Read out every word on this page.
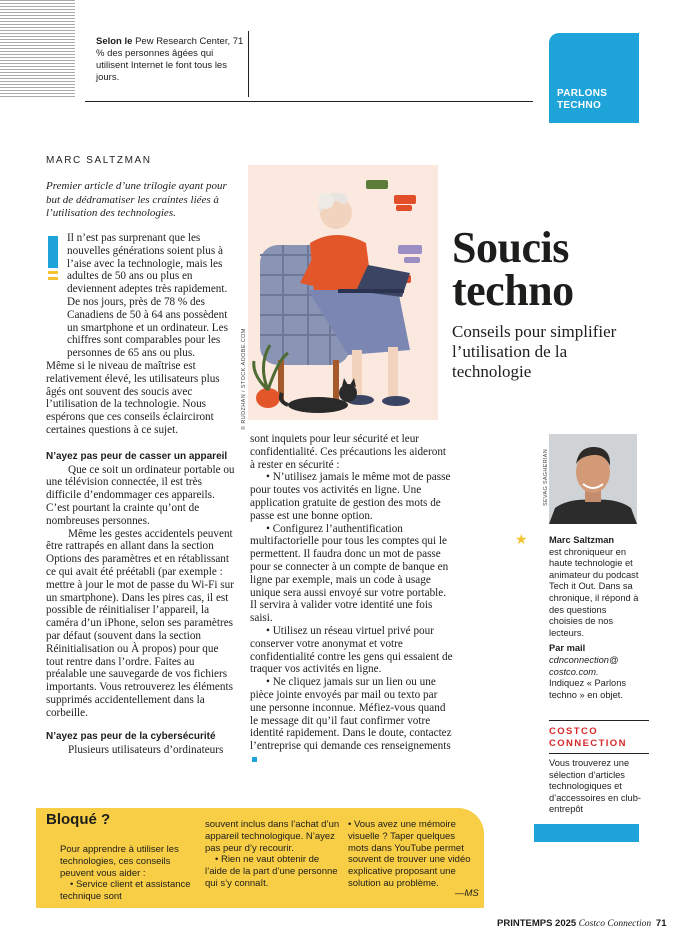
Selon le Pew Research Center, 71 % des personnes âgées qui utilisent Internet le font tous les jours.
PARLONS
TECHNO
MARC SALTZMAN
Premier article d’une trilogie ayant pour but de dédramatiser les craintes liées à l’utilisation des technologies.
© RUDZHAN / STOCK.ADOBE.COM
Soucis
techno
Conseils pour simplifier l’utilisation de la technologie

Il n’est pas surprenant que les nouvelles générations soient plus à l’aise avec la technologie, mais les adultes de 50 ans ou plus en deviennent adeptes très rapidement. De nos jours, près de 78 % des Canadiens de 50 à 64 ans possèdent un smartphone et un ordinateur. Les chiffres sont comparables pour les personnes de 65 ans ou plus.

Même si le niveau de maîtrise est relativement élevé, les utilisateurs plus âgés ont souvent des soucis avec l’utilisation de la technologie. Nous espérons que ces conseils éclairciront certaines questions à ce sujet.

N’ayez pas peur de casser un appareil

Que ce soit un ordinateur portable ou une télévision connectée, il est très difficile d’endommager ces appareils. C’est pourtant la crainte qu’ont de nombreuses personnes.

Même les gestes accidentels peuvent être rattrapés en allant dans la section Options des paramètres et en rétablissant ce qui avait été préétabli (par exemple : mettre à jour le mot de passe du Wi-Fi sur un smartphone). Dans les pires cas, il est possible de réinitialiser l’appareil, la caméra d’un iPhone, selon ses paramètres par défaut (souvent dans la section Réinitialisation ou À propos) pour que tout rentre dans l’ordre. Faites au préalable une sauvegarde de vos fichiers importants. Vous retrouverez les éléments supprimés accidentellement dans la corbeille.

N’ayez pas peur de la cybersécurité

Plusieurs utilisateurs d’ordinateurs

sont inquiets pour leur sécurité et leur confidentialité. Ces précautions les aideront à rester en sécurité :

• N’utilisez jamais le même mot de passe pour toutes vos activités en ligne. Une application gratuite de gestion des mots de passe est une bonne option.

• Configurez l’authentification multifactorielle pour tous les comptes qui le permettent. Il faudra donc un mot de passe pour se connecter à un compte de banque en ligne par exemple, mais un code à usage unique sera aussi envoyé sur votre portable. Il servira à valider votre identité une fois saisi.

• Utilisez un réseau virtuel privé pour conserver votre anonymat et votre confidentialité contre les gens qui essaient de traquer vos activités en ligne.

• Ne cliquez jamais sur un lien ou une pièce jointe envoyés par mail ou texto par une personne inconnue. Méfiez-vous quand le message dit qu’il faut confirmer votre identité rapidement. Dans le doute, contactez l’entreprise qui demande ces renseignements

SEVAG SAGHERIAN
★ Marc Saltzman
est chroniqueur en haute technologie et animateur du podcast Tech it Out. Dans sa chronique, il répond à des questions choisies de nos lecteurs.
Par mail
cdnconnection@ costco.com.
Indiquez « Parlons techno » en objet.
COSTCO CONNECTION
Vous trouverez une sélection d’articles technologiques et d’accessoires en club-entrepôt
Bloqué ?
Pour apprendre à utiliser les technologies, ces conseils peuvent vous aider :
• Service client et assistance technique sont
souvent inclus dans l’achat d’un appareil technologique. N’ayez pas peur d’y recourir.
• Rien ne vaut obtenir de l’aide de la part d’une personne qui s’y connaît.
• Vous avez une mémoire visuelle ? Taper quelques mots dans YouTube permet souvent de trouver une vidéo explicative proposant une solution au problème.
—MS
PRINTEMPS 2025 Costco Connection 71
